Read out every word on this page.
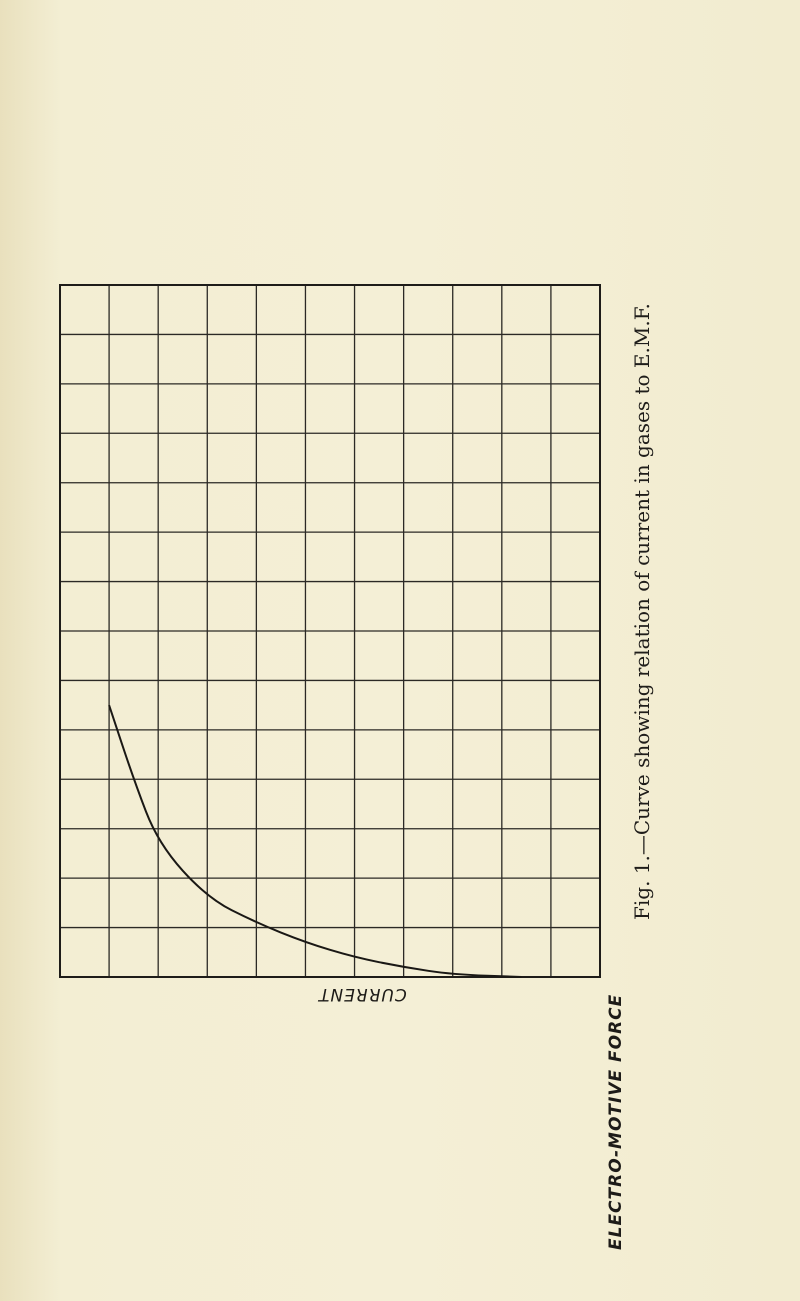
ELECTRO-MOTIVE FORCE
CURRENT
Fig. 1.—Curve showing relation of current in gases to E.M.F.
